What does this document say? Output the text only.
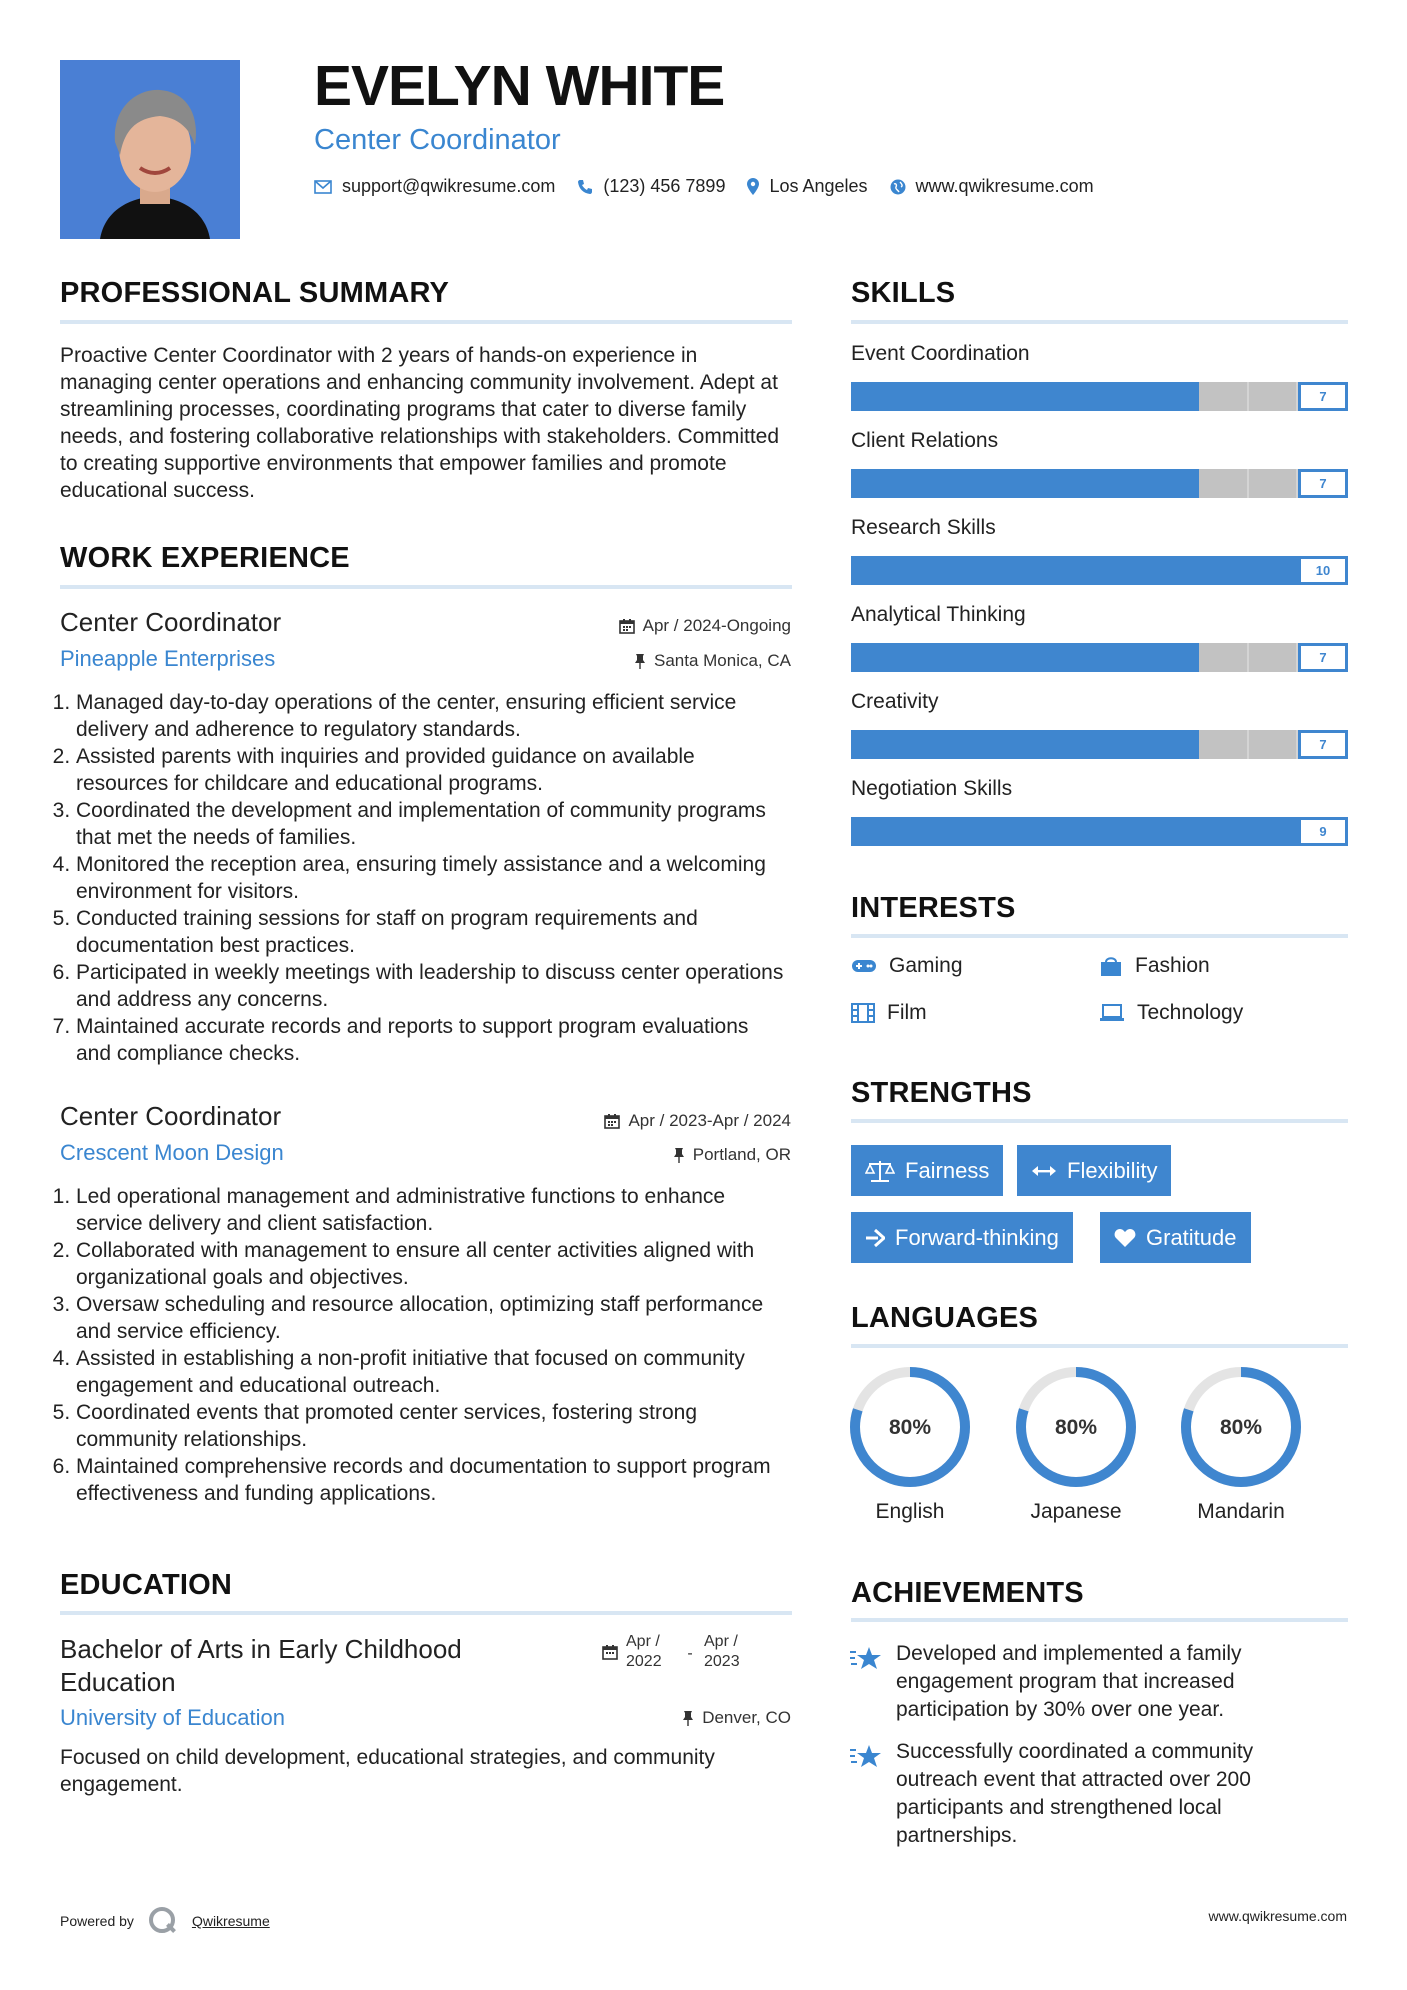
EVELYN WHITE
Center Coordinator
support@qwikresume.com	(123) 456 7899 Los Angeles	www.qwikresume.com
PROFESSIONAL SUMMARY
Proactive Center Coordinator with 2 years of hands-on experience in managing center operations and enhancing community involvement. Adept at streamlining processes, coordinating programs that cater to diverse family needs, and fostering collaborative relationships with stakeholders. Committed to creating supportive environments that empower families and promote educational success.
WORK EXPERIENCE
Center Coordinator	Apr / 2024-Ongoing
Pineapple Enterprises	Santa Monica, CA
1. Managed day-to-day operations of the center, ensuring efficient service delivery and adherence to regulatory standards.
2. Assisted parents with inquiries and provided guidance on available resources for childcare and educational programs.
3. Coordinated the development and implementation of community programs that met the needs of families.
4. Monitored the reception area, ensuring timely assistance and a welcoming environment for visitors.
5. Conducted training sessions for staff on program requirements and documentation best practices.
6. Participated in weekly meetings with leadership to discuss center operations and address any concerns.
7. Maintained accurate records and reports to support program evaluations and compliance checks.
Center Coordinator	Apr / 2023-Apr / 2024
Crescent Moon Design	Portland, OR
1. Led operational management and administrative functions to enhance service delivery and client satisfaction.
2. Collaborated with management to ensure all center activities aligned with organizational goals and objectives.
3. Oversaw scheduling and resource allocation, optimizing staff performance and service efficiency.
4. Assisted in establishing a non-profit initiative that focused on community engagement and educational outreach.
5. Coordinated events that promoted center services, fostering strong community relationships.
6. Maintained comprehensive records and documentation to support program effectiveness and funding applications.
EDUCATION
Bachelor of Arts in Early Childhood Education
Apr / 2022	-
Apr / 2023
University of Education	Denver, CO
Focused on child development, educational strategies, and community engagement.
SKILLS
Event Coordination
7
Client Relations
7
Research Skills
10
Analytical Thinking
7
Creativity
7
Negotiation Skills
9
INTERESTS
Gaming	Fashion
Film	Technology
STRENGTHS
Fairness	Flexibility
Forward-thinking	Gratitude
LANGUAGES
80%
English
80%
Japanese
80%
Mandarin
ACHIEVEMENTS
Developed and implemented a family engagement program that increased participation by 30% over one year.
Successfully coordinated a community outreach event that attracted over 200 participants and strengthened local partnerships.
Powered by	Qwikresume	www.qwikresume.com
